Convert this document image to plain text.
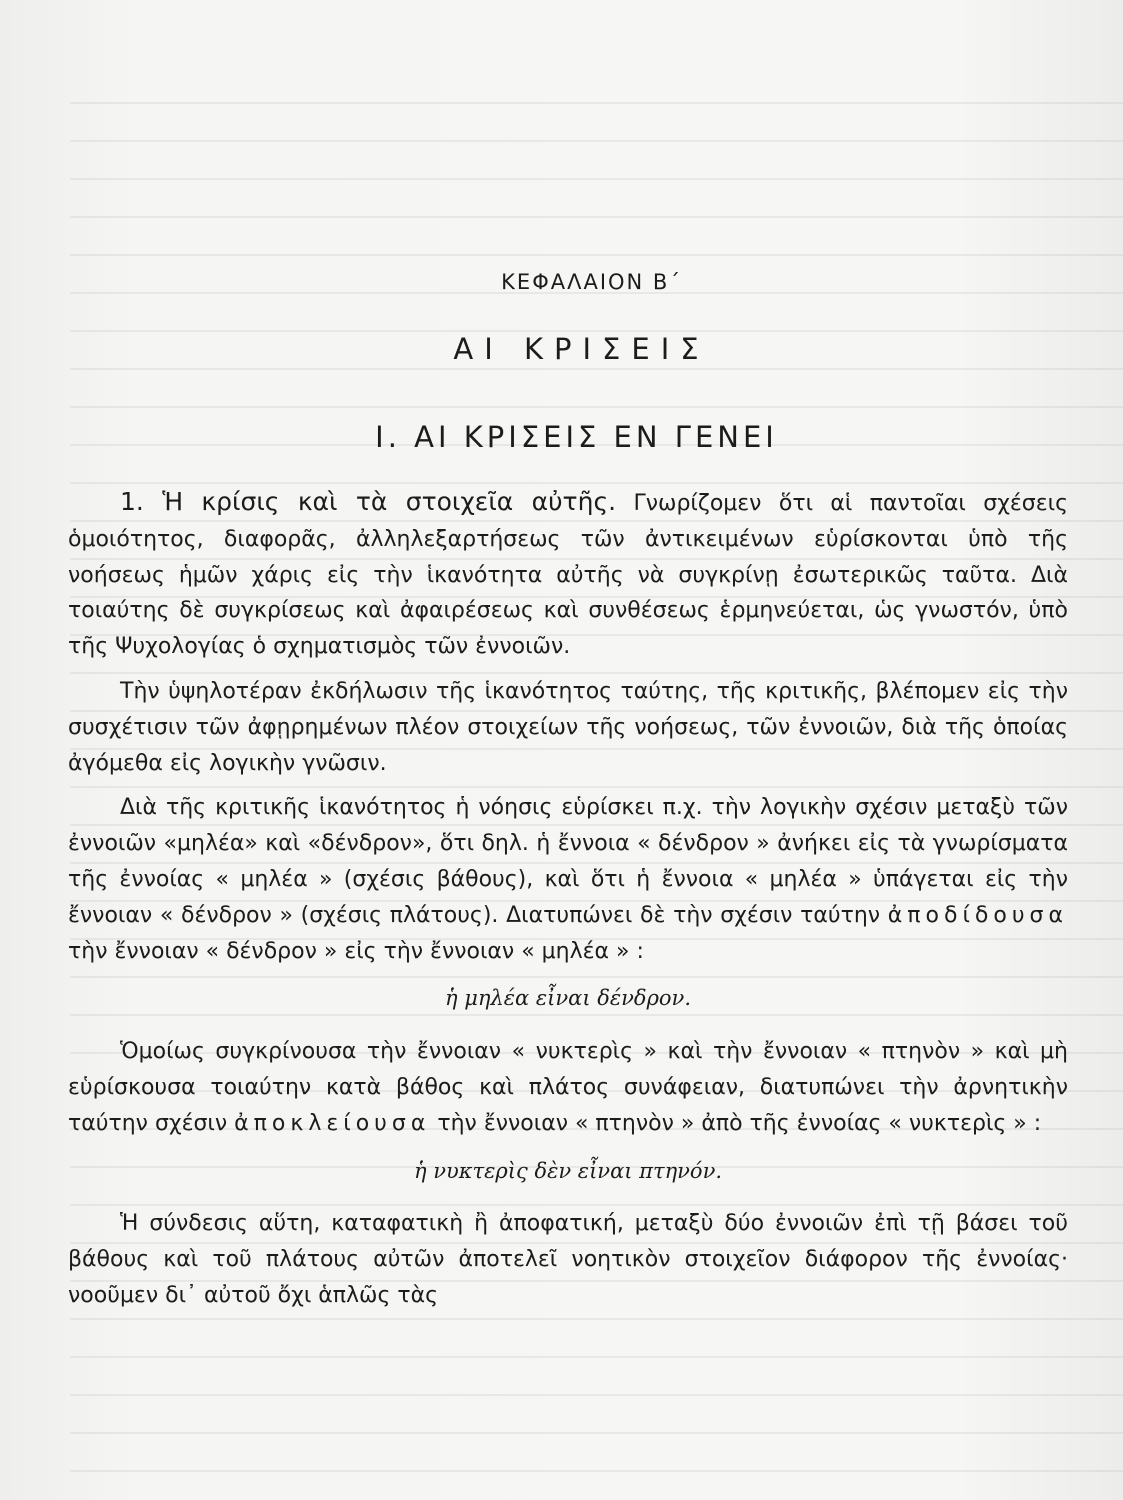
ΚΕΦΑΛΑΙΟΝ Β΄
ΑΙ ΚΡΙΣΕΙΣ
Ι. ΑΙ ΚΡΙΣΕΙΣ ΕΝ ΓΕΝΕΙ

1. Ἡ κρίσις καὶ τὰ στοιχεῖα αὐτῆς. Γνωρίζομεν ὅτι αἱ παντοῖαι σχέσεις ὁμοιότητος, διαφορᾶς, ἀλληλεξαρτήσεως τῶν ἀντικειμένων εὑρίσκονται ὑπὸ τῆς νοήσεως ἡμῶν χάρις εἰς τὴν ἱκανότητα αὐτῆς νὰ συγκρίνῃ ἐσωτερικῶς ταῦτα. Διὰ τοιαύτης δὲ συγκρίσεως καὶ ἀφαιρέσεως καὶ συνθέσεως ἑρμηνεύεται, ὡς γνωστόν, ὑπὸ τῆς Ψυχολογίας ὁ σχηματισμὸς τῶν ἐννοιῶν.

Τὴν ὑψηλοτέραν ἐκδήλωσιν τῆς ἱκανότητος ταύτης, τῆς κριτικῆς, βλέπομεν εἰς τὴν συσχέτισιν τῶν ἀφῃρημένων πλέον στοιχείων τῆς νοήσεως, τῶν ἐννοιῶν, διὰ τῆς ὁποίας ἀγόμεθα εἰς λογικὴν γνῶσιν.

Διὰ τῆς κριτικῆς ἱκανότητος ἡ νόησις εὑρίσκει π.χ. τὴν λογικὴν σχέσιν μεταξὺ τῶν ἐννοιῶν «μηλέα» καὶ «δένδρον», ὅτι δηλ. ἡ ἔννοια « δένδρον » ἀνήκει εἰς τὰ γνωρίσματα τῆς ἐννοίας « μηλέα » (σχέσις βάθους), καὶ ὅτι ἡ ἔννοια « μηλέα » ὑπάγεται εἰς τὴν ἔννοιαν « δένδρον » (σχέσις πλάτους). Διατυπώνει δὲ τὴν σχέσιν ταύτην ἀποδίδουσα τὴν ἔννοιαν « δένδρον » εἰς τὴν ἔννοιαν « μηλέα » :

ἡ μηλέα εἶναι δένδρον.

Ὁμοίως συγκρίνουσα τὴν ἔννοιαν « νυκτερὶς » καὶ τὴν ἔννοιαν « πτηνὸν » καὶ μὴ εὑρίσκουσα τοιαύτην κατὰ βάθος καὶ πλάτος συνάφειαν, διατυπώνει τὴν ἀρνητικὴν ταύτην σχέσιν ἀποκλείουσα τὴν ἔννοιαν « πτηνὸν » ἀπὸ τῆς ἐννοίας « νυκτερὶς » :

ἡ νυκτερὶς δὲν εἶναι πτηνόν.

Ἡ σύνδεσις αὕτη, καταφατικὴ ἢ ἀποφατική, μεταξὺ δύο ἐννοιῶν ἐπὶ τῇ βάσει τοῦ βάθους καὶ τοῦ πλάτους αὐτῶν ἀποτελεῖ νοητικὸν στοιχεῖον διάφορον τῆς ἐννοίας· νοοῦμεν δι᾿ αὐτοῦ ὄχι ἁπλῶς τὰς
